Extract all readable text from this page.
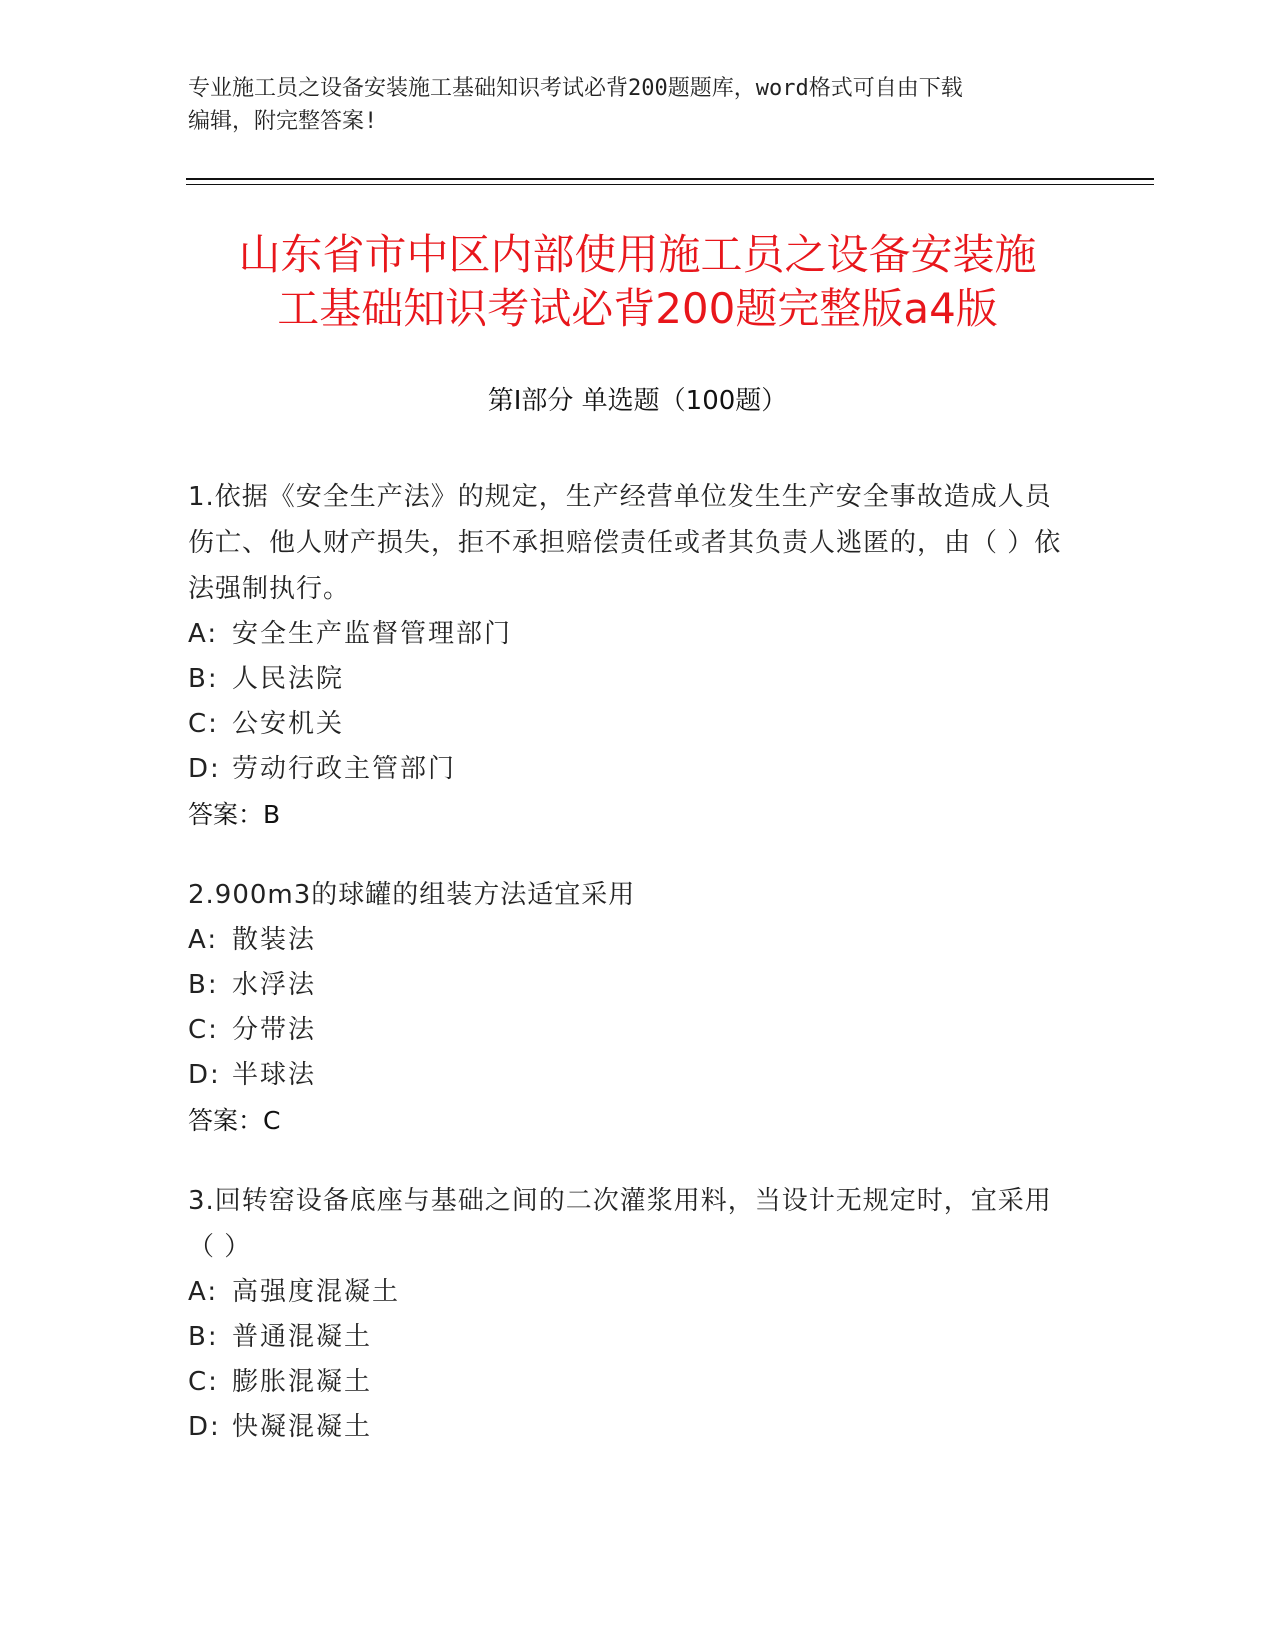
专业施工员之设备安装施工基础知识考试必背200题题库，word格式可自由下载
编辑，附完整答案!
山东省市中区内部使用施工员之设备安装施
工基础知识考试必背200题完整版a4版
第Ⅰ部分 单选题（100题）

1.依据《安全生产法》的规定，生产经营单位发生生产安全事故造成人员伤亡、他人财产损失，拒不承担赔偿责任或者其负责人逃匿的，由（ ）依法强制执行。

A: 安全生产监督管理部门
B: 人民法院
C: 公安机关
D: 劳动行政主管部门
答案：B

2.900m3的球罐的组装方法适宜采用

A: 散装法
B: 水浮法
C: 分带法
D: 半球法
答案：C

3.回转窑设备底座与基础之间的二次灌浆用料，当设计无规定时，宜采用（ ）

A: 高强度混凝土
B: 普通混凝土
C: 膨胀混凝土
D: 快凝混凝土
